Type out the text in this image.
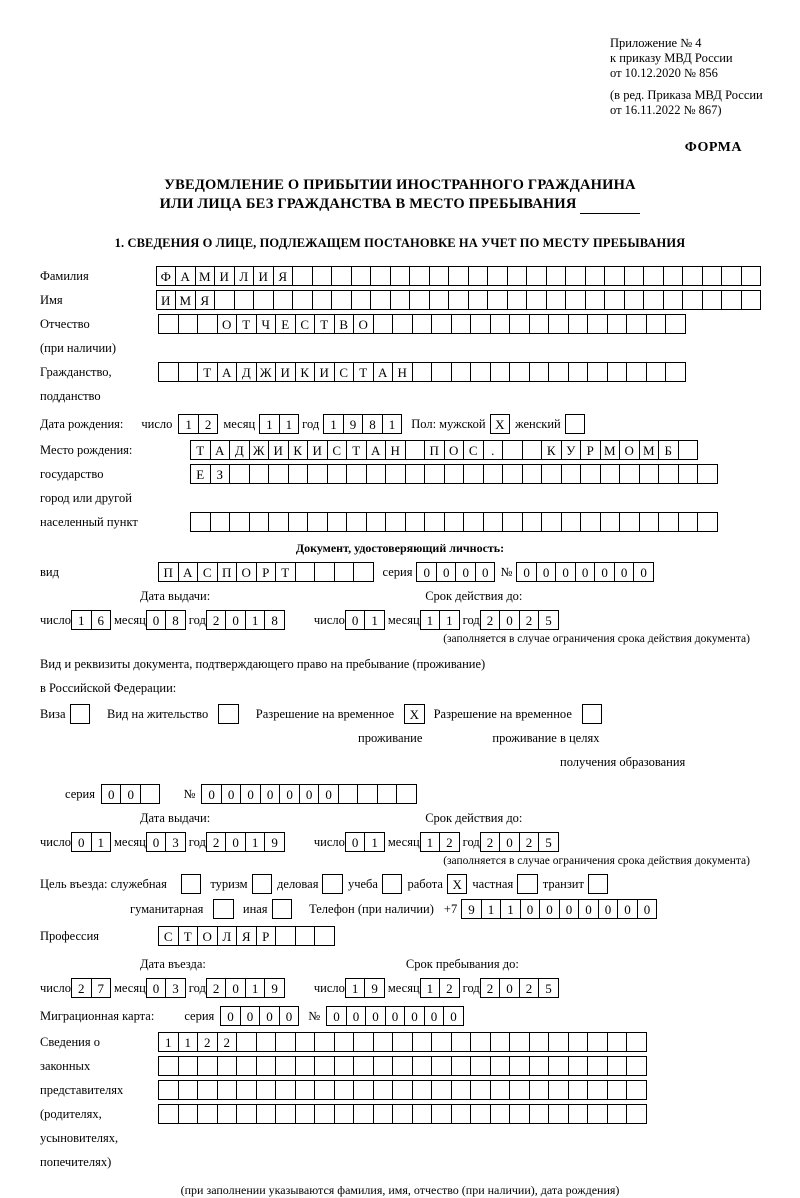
Приложение № 4
к приказу МВД России
от 10.12.2020 № 856
(в ред. Приказа МВД России
от 16.11.2022 № 867)
ФОРМА
УВЕДОМЛЕНИЕ О ПРИБЫТИИ ИНОСТРАННОГО ГРАЖДАНИНА
ИЛИ ЛИЦА БЕЗ ГРАЖДАНСТВА В МЕСТО ПРЕБЫВАНИЯ
1. СВЕДЕНИЯ О ЛИЦЕ, ПОДЛЕЖАЩЕМ ПОСТАНОВКЕ НА УЧЕТ ПО МЕСТУ ПРЕБЫВАНИЯ
Фамилия	Ф А М И Л И Я
Имя	И М Я
Отчество	О Т Ч Е С Т В О
(при наличии)
Гражданство,	Т А Д Ж И К И С Т А Н
подданство
Дата рождения: число	1	2 месяц 1	1 год 1	9	8	1	Пол: мужской Х женский
Место рождения:	Т А Д Ж И К И С Т А Н	П О С	.	К У Р М О М Б
государство	Е З
город или другой
населенный пункт
Документ, удостоверяющий личность:
вид	П А С П О Р Т	серия 0	0	0	0 № 0	0	0	0	0	0	0
Дата выдачи:	Срок действия до:
число 1	6 месяц 0	8 год 2	0	1	8	число 0	1 месяц 1	1 год 2	0	2	5
(заполняется в случае ограничения срока действия документа)
Вид и реквизиты документа, подтверждающего право на пребывание (проживание)
в Российской Федерации:
Виза	Вид на жительство	Разрешение на временное	Х	Разрешение на временное
проживание	проживание в целях
получения образования
серия	0	0	№	0	0	0	0	0	0	0
Дата выдачи:	Срок действия до:
число 0	1 месяц 0	3 год 2	0	1	9	число 0	1 месяц 1	2 год 2	0	2	5
(заполняется в случае ограничения срока действия документа)
Цель въезда: служебная	туризм деловая учеба работа Х частная транзит
гуманитарная	иная	Телефон (при наличии) +7 9	1	1	0	0	0	0	0	0	0
Профессия	С Т О Л Я Р
Дата въезда:	Срок пребывания до:
число 2	7 месяц 0	3 год 2	0	1	9	число 1	9 месяц 1	2 год 2	0	2	5
Миграционная карта: серия	0	0	0	0	№	0	0	0	0	0	0	0
Сведения о	1	1	2	2
законных
представителях
(родителях,
усыновителях,
попечителях)
(при заполнении указываются фамилия, имя, отчество (при наличии), дата рождения)
